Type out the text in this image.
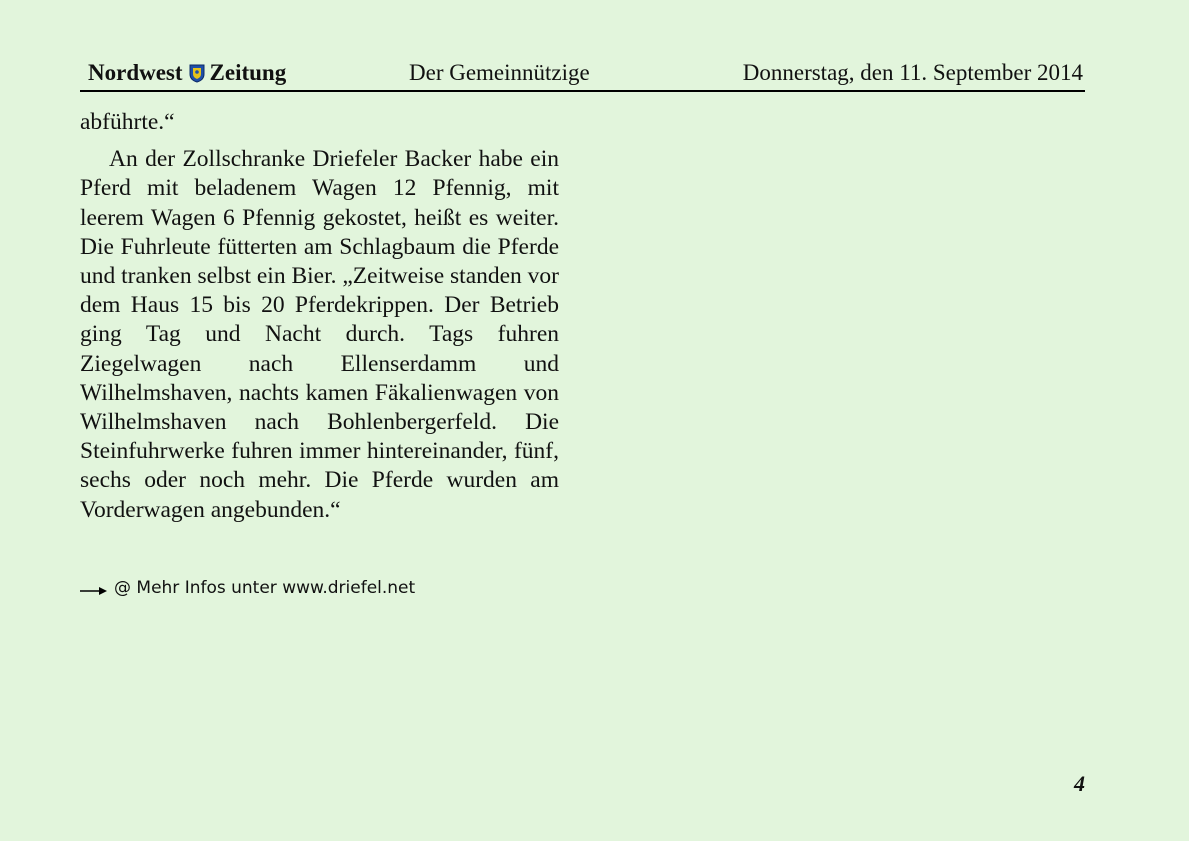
Nordwest Zeitung	Der Gemeinnützige	Donnerstag, den 11. September 2014

abführte.“

An der Zollschranke Driefeler Backer habe ein Pferd mit beladenem Wagen 12 Pfennig, mit leerem Wagen 6 Pfennig gekostet, heißt es weiter. Die Fuhrleute fütterten am Schlagbaum die Pferde und tranken selbst ein Bier. „Zeitweise standen vor dem Haus 15 bis 20 Pferdekrippen. Der Betrieb ging Tag und Nacht durch. Tags fuhren Ziegelwagen nach Ellenserdamm und Wilhelmshaven, nachts kamen Fäkalienwagen von Wilhelmshaven nach Bohlenbergerfeld. Die Steinfuhrwerke fuhren immer hintereinander, fünf, sechs oder noch mehr. Die Pferde wurden am Vorderwagen angebunden.“

@ Mehr Infos unter www.driefel.net
4
